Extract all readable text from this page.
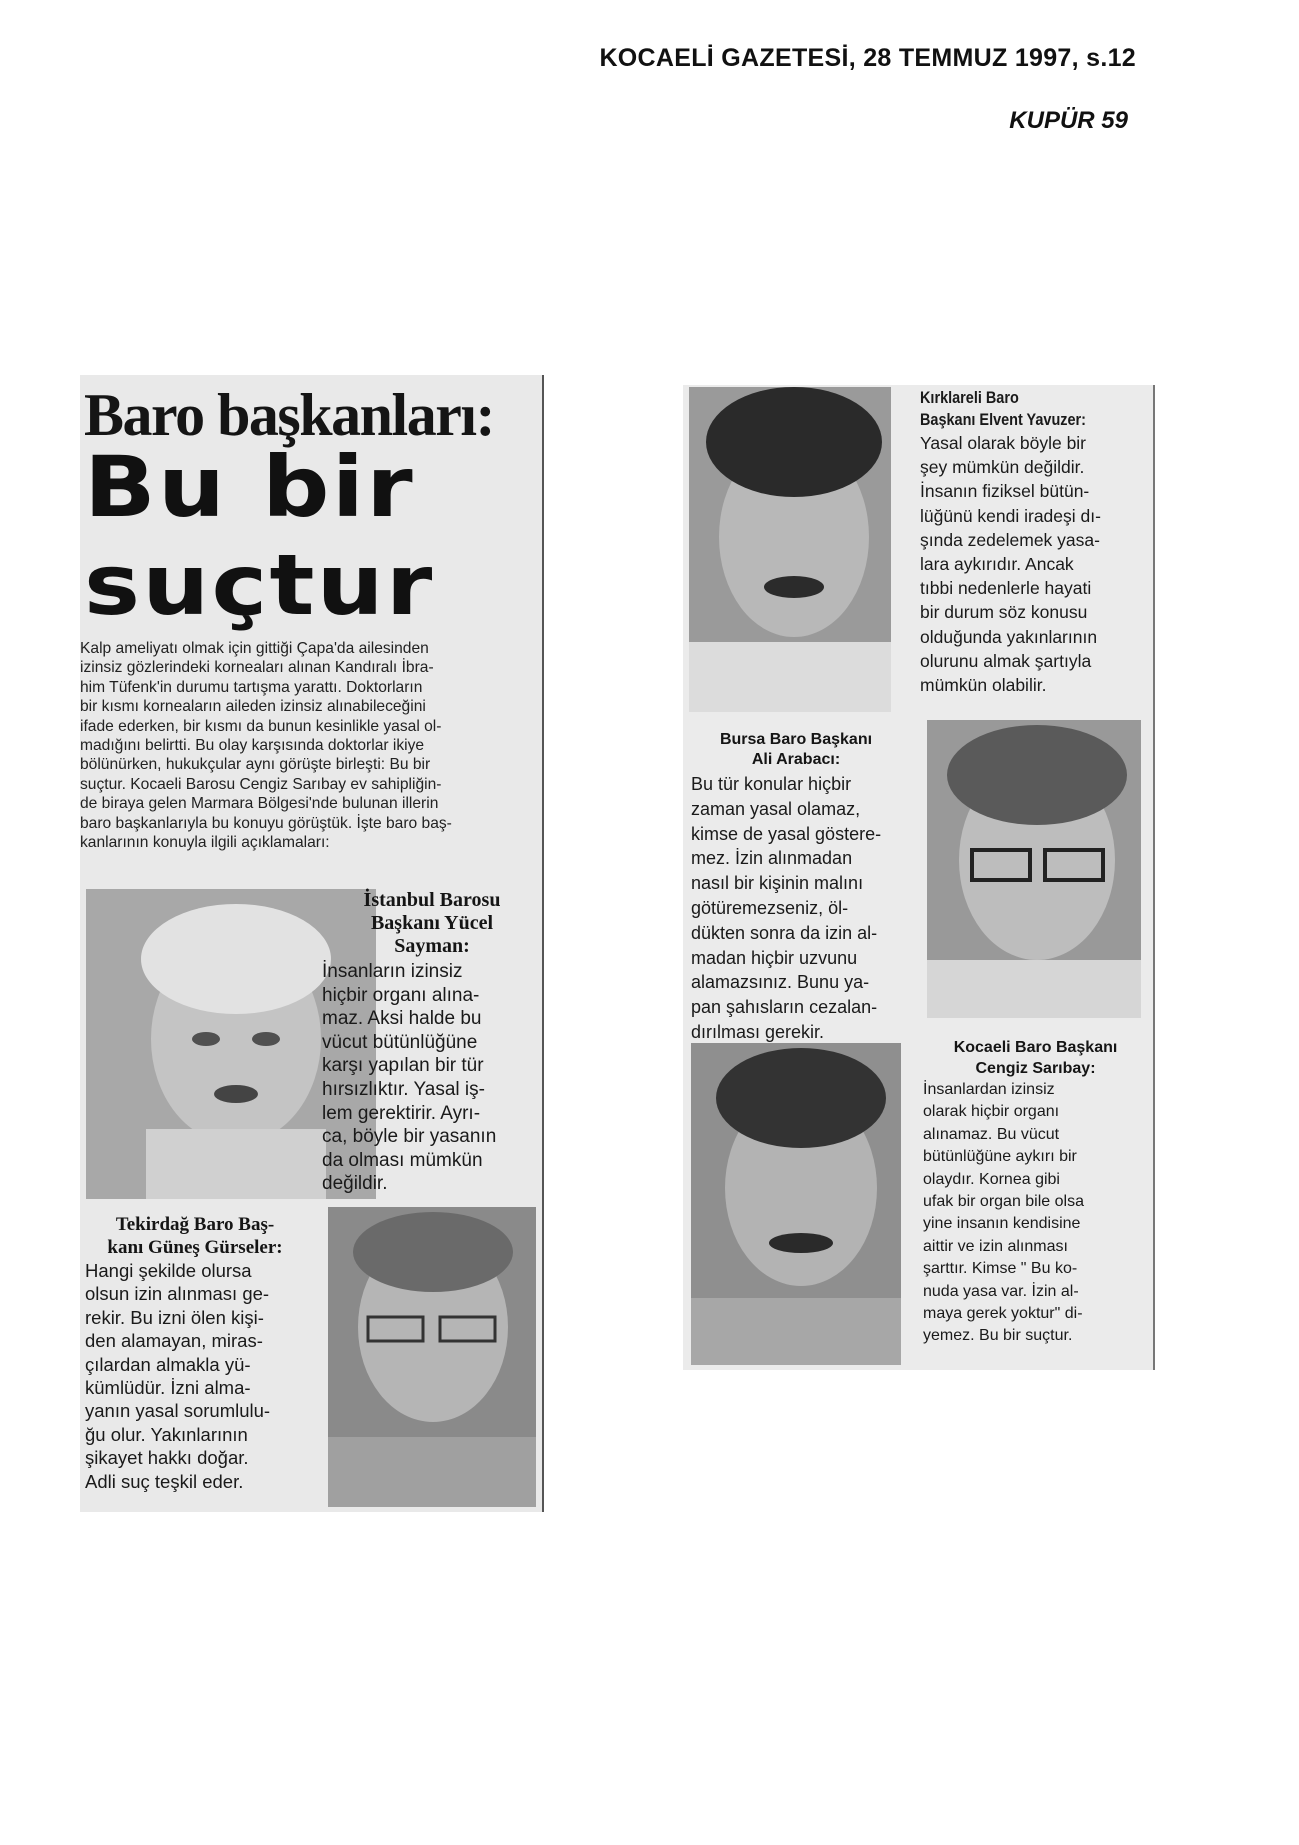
KOCAELİ GAZETESİ, 28 TEMMUZ 1997, s.12
KUPÜR 59
Baro başkanları:
Bu bir
suçtur
Kalp ameliyatı olmak için gittiği Çapa'da ailesinden
izinsiz gözlerindeki korneaları alınan Kandıralı İbra-
him Tüfenk'in durumu tartışma yarattı. Doktorların
bir kısmı korneaların aileden izinsiz alınabileceğini
ifade ederken, bir kısmı da bunun kesinlikle yasal ol-
madığını belirtti. Bu olay karşısında doktorlar ikiye
bölünürken, hukukçular aynı görüşte birleşti: Bu bir
suçtur. Kocaeli Barosu Cengiz Sarıbay ev sahipliğin-
de biraya gelen Marmara Bölgesi'nde bulunan illerin
baro başkanlarıyla bu konuyu görüştük. İşte baro baş-
kanlarının konuyla ilgili açıklamaları:
İstanbul Barosu
Başkanı Yücel
Sayman:
İnsanların izinsiz
hiçbir organı alına-
maz. Aksi halde bu
vücut bütünlüğüne
karşı yapılan bir tür
hırsızlıktır. Yasal iş-
lem gerektirir. Ayrı-
ca, böyle bir yasanın
da olması mümkün
değildir.
Tekirdağ Baro Baş-
kanı Güneş Gürseler:
Hangi şekilde olursa
olsun izin alınması ge-
rekir. Bu izni ölen kişi-
den alamayan, miras-
çılardan almakla yü-
kümlüdür. İzni alma-
yanın yasal sorumlulu-
ğu olur. Yakınlarının
şikayet hakkı doğar.
Adli suç teşkil eder.
Kırklareli Baro
Başkanı Elvent Yavuzer:
Yasal olarak böyle bir
şey mümkün değildir.
İnsanın fiziksel bütün-
lüğünü kendi iradeşi dı-
şında zedelemek yasa-
lara aykırıdır. Ancak
tıbbi nedenlerle hayati
bir durum söz konusu
olduğunda yakınlarının
olurunu almak şartıyla
mümkün olabilir.
Bursa Baro Başkanı
Ali Arabacı:
Bu tür konular hiçbir
zaman yasal olamaz,
kimse de yasal göstere-
mez. İzin alınmadan
nasıl bir kişinin malını
götüremezseniz, öl-
dükten sonra da izin al-
madan hiçbir uzvunu
alamazsınız. Bunu ya-
pan şahısların cezalan-
dırılması gerekir.
Kocaeli Baro Başkanı
Cengiz Sarıbay:
İnsanlardan izinsiz
olarak hiçbir organı
alınamaz. Bu vücut
bütünlüğüne aykırı bir
olaydır. Kornea gibi
ufak bir organ bile olsa
yine insanın kendisine
aittir ve izin alınması
şarttır. Kimse " Bu ko-
nuda yasa var. İzin al-
maya gerek yoktur" di-
yemez. Bu bir suçtur.
